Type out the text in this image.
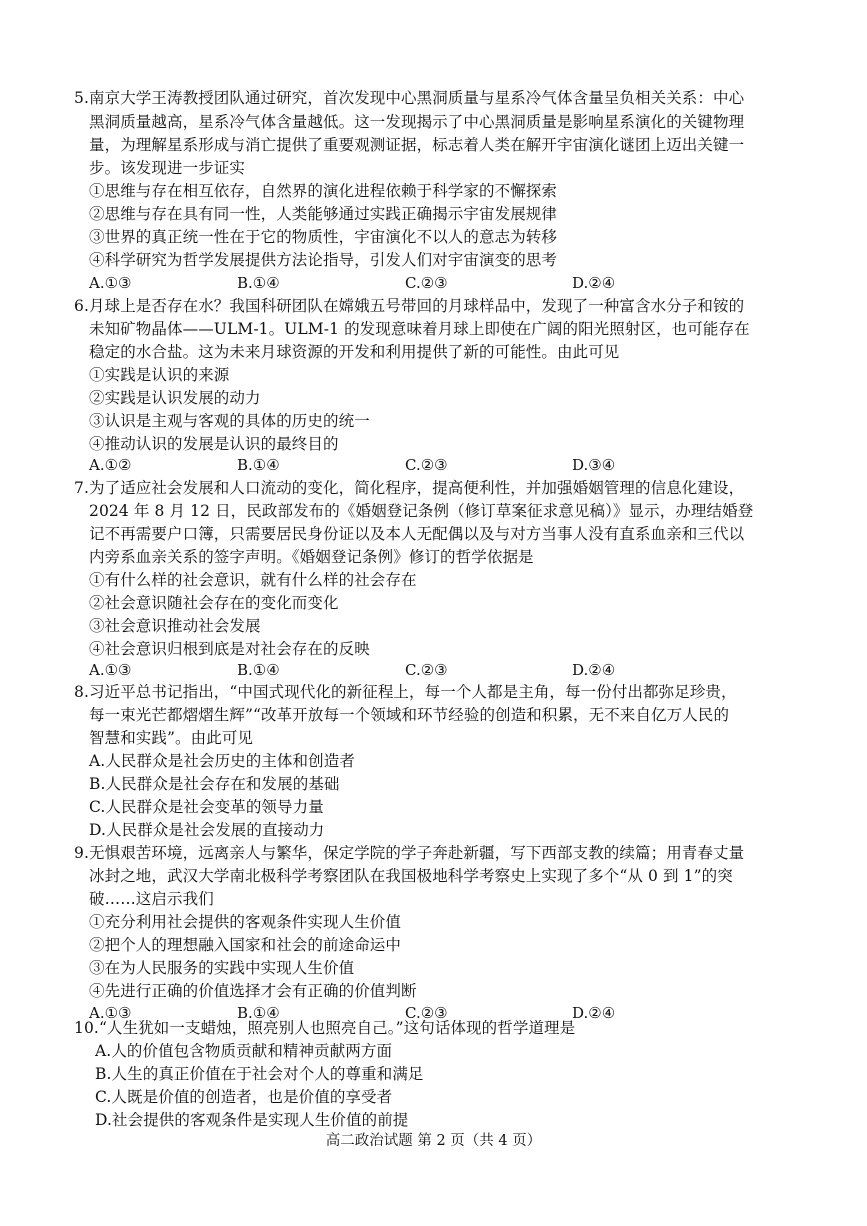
5.南京大学王涛教授团队通过研究，首次发现中心黑洞质量与星系冷气体含量呈负相关关系：中心
黑洞质量越高，星系冷气体含量越低。这一发现揭示了中心黑洞质量是影响星系演化的关键物理
量，为理解星系形成与消亡提供了重要观测证据，标志着人类在解开宇宙演化谜团上迈出关键一
步。该发现进一步证实
①思维与存在相互依存，自然界的演化进程依赖于科学家的不懈探索
②思维与存在具有同一性，人类能够通过实践正确揭示宇宙发展规律
③世界的真正统一性在于它的物质性，宇宙演化不以人的意志为转移
④科学研究为哲学发展提供方法论指导，引发人们对宇宙演变的思考
A.①③	B.①④	C.②③	D.②④
6.月球上是否存在水？我国科研团队在嫦娥五号带回的月球样品中，发现了一种富含水分子和铵的
未知矿物晶体——ULM-1。ULM-1 的发现意味着月球上即使在广阔的阳光照射区，也可能存在
稳定的水合盐。这为未来月球资源的开发和利用提供了新的可能性。由此可见
①实践是认识的来源
②实践是认识发展的动力
③认识是主观与客观的具体的历史的统一
④推动认识的发展是认识的最终目的
A.①②	B.①④	C.②③	D.③④
7.为了适应社会发展和人口流动的变化，简化程序，提高便利性，并加强婚姻管理的信息化建设，
2024 年 8 月 12 日，民政部发布的《婚姻登记条例（修订草案征求意见稿）》显示，办理结婚登
记不再需要户口簿，只需要居民身份证以及本人无配偶以及与对方当事人没有直系血亲和三代以
内旁系血亲关系的签字声明。《婚姻登记条例》修订的哲学依据是
①有什么样的社会意识，就有什么样的社会存在
②社会意识随社会存在的变化而变化
③社会意识推动社会发展
④社会意识归根到底是对社会存在的反映
A.①③	B.①④	C.②③	D.②④
8.习近平总书记指出，“中国式现代化的新征程上，每一个人都是主角，每一份付出都弥足珍贵，
每一束光芒都熠熠生辉”“改革开放每一个领域和环节经验的创造和积累，无不来自亿万人民的
智慧和实践”。由此可见
A.人民群众是社会历史的主体和创造者
B.人民群众是社会存在和发展的基础
C.人民群众是社会变革的领导力量
D.人民群众是社会发展的直接动力
9.无惧艰苦环境，远离亲人与繁华，保定学院的学子奔赴新疆，写下西部支教的续篇；用青春丈量
冰封之地，武汉大学南北极科学考察团队在我国极地科学考察史上实现了多个“从 0 到 1”的突
破……这启示我们
①充分利用社会提供的客观条件实现人生价值
②把个人的理想融入国家和社会的前途命运中
③在为人民服务的实践中实现人生价值
④先进行正确的价值选择才会有正确的价值判断
A.①③	B.①④	C.②③	D.②④
10.“人生犹如一支蜡烛，照亮别人也照亮自己。”这句话体现的哲学道理是
A.人的价值包含物质贡献和精神贡献两方面
B.人生的真正价值在于社会对个人的尊重和满足
C.人既是价值的创造者，也是价值的享受者
D.社会提供的客观条件是实现人生价值的前提
高二政治试题 第 2 页（共 4 页）
